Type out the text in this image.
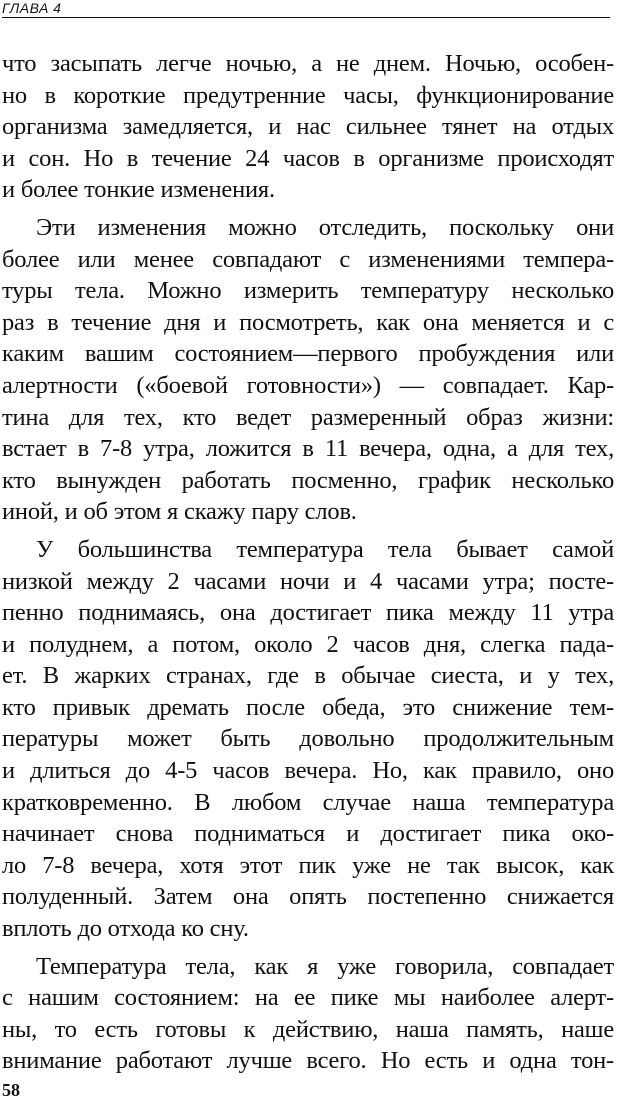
ГЛАВА 4
что засыпать легче ночью, а не днем. Ночью, особен-
но в короткие предутренние часы, функционирование
организма замедляется, и нас сильнее тянет на отдых
и сон. Но в течение 24 часов в организме происходят
и более тонкие изменения.
Эти изменения можно отследить, поскольку они
более или менее совпадают с изменениями темпера-
туры тела. Можно измерить температуру несколько
раз в течение дня и посмотреть, как она меняется и с
каким вашим состоянием—первого пробуждения или
алертности («боевой готовности») — совпадает. Кар-
тина для тех, кто ведет размеренный образ жизни:
встает в 7-8 утра, ложится в 11 вечера, одна, а для тех,
кто вынужден работать посменно, график несколько
иной, и об этом я скажу пару слов.
У большинства температура тела бывает самой
низкой между 2 часами ночи и 4 часами утра; посте-
пенно поднимаясь, она достигает пика между 11 утра
и полуднем, а потом, около 2 часов дня, слегка пада-
ет. В жарких странах, где в обычае сиеста, и у тех,
кто привык дремать после обеда, это снижение тем-
пературы может быть довольно продолжительным
и длиться до 4-5 часов вечера. Но, как правило, оно
кратковременно. В любом случае наша температура
начинает снова подниматься и достигает пика око-
ло 7-8 вечера, хотя этот пик уже не так высок, как
полуденный. Затем она опять постепенно снижается
вплоть до отхода ко сну.
Температура тела, как я уже говорила, совпадает
с нашим состоянием: на ее пике мы наиболее алерт-
ны, то есть готовы к действию, наша память, наше
внимание работают лучше всего. Но есть и одна тон-
58
